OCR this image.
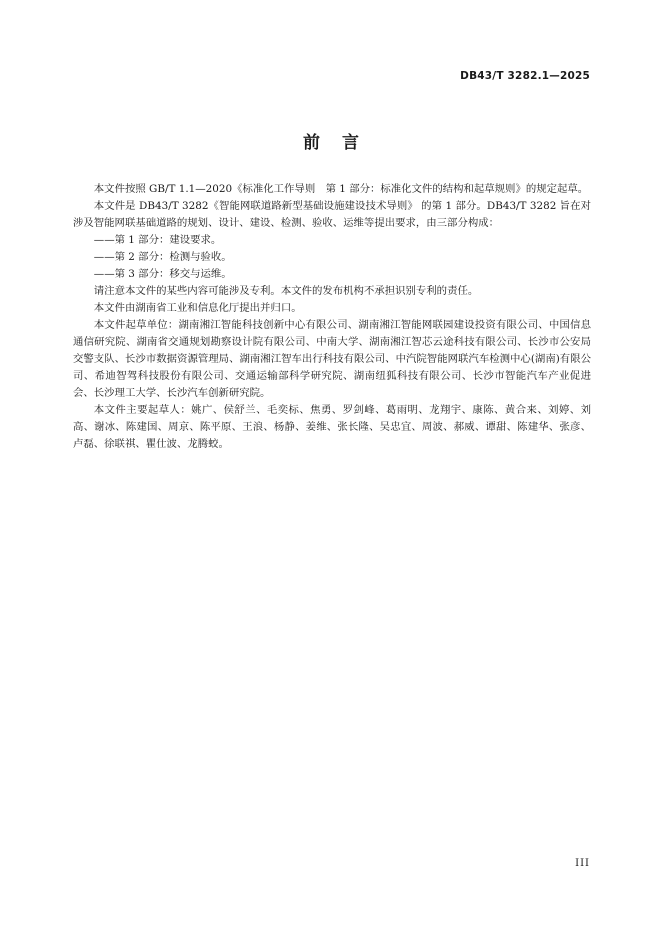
DB43/T 3282.1—2025
前言

本文件按照 GB/T 1.1—2020《标准化工作导则　第 1 部分：标准化文件的结构和起草规则》的规定起草。

本文件是 DB43/T 3282《智能网联道路新型基础设施建设技术导则》 的第 1 部分。DB43/T 3282 旨在对涉及智能网联基础道路的规划、设计、建设、检测、验收、运维等提出要求，由三部分构成：

——第 1 部分：建设要求。

——第 2 部分：检测与验收。

——第 3 部分：移交与运维。

请注意本文件的某些内容可能涉及专利。本文件的发布机构不承担识别专利的责任。

本文件由湖南省工业和信息化厅提出并归口。

本文件起草单位：湖南湘江智能科技创新中心有限公司、湖南湘江智能网联园建设投资有限公司、中国信息通信研究院、湖南省交通规划勘察设计院有限公司、中南大学、湖南湘江智芯云途科技有限公司、长沙市公安局交警支队、长沙市数据资源管理局、湖南湘江智车出行科技有限公司、中汽院智能网联汽车检测中心(湖南)有限公司、希迪智驾科技股份有限公司、交通运输部科学研究院、湖南纽狐科技有限公司、长沙市智能汽车产业促进会、长沙理工大学、长沙汽车创新研究院。

本文件主要起草人：姚广、侯舒兰、毛奕标、焦勇、罗剑峰、葛雨明、龙翔宇、康陈、黄合来、刘婷、刘高、谢冰、陈建国、周京、陈平原、王浪、杨静、姜维、张长隆、吴忠宜、周波、郝威、谭甜、陈建华、张彦、卢磊、徐联祺、瞿仕波、龙腾蛟。

III
